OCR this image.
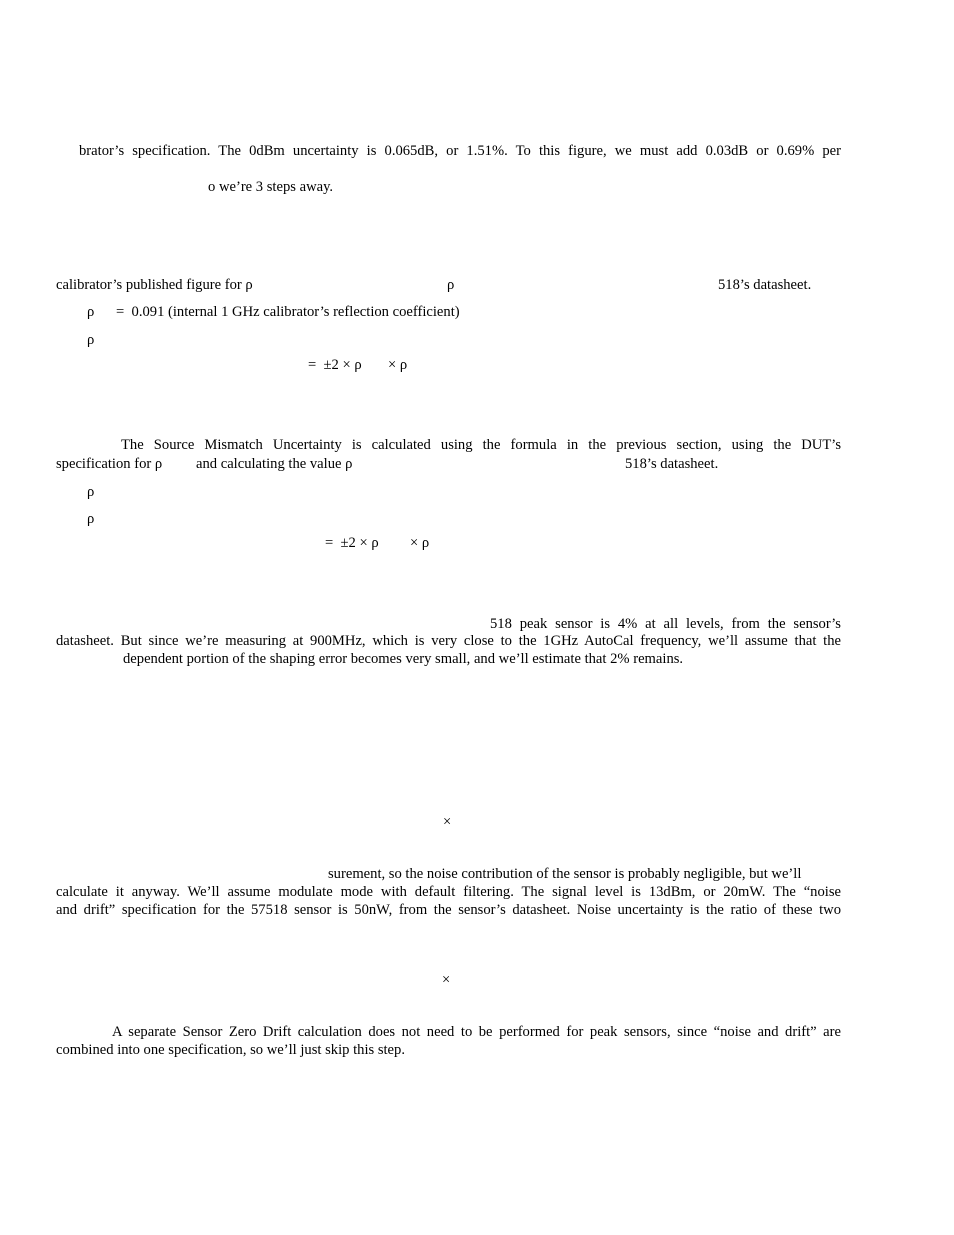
brator’s specification. The 0dBm uncertainty is 0.065dB, or 1.51%. To this figure, we must add 0.03dB or 0.69% per
o we’re 3 steps away.
calibrator’s published figure for ρ	ρ	518’s datasheet.
ρ =  0.091 (internal 1 GHz calibrator’s reflection coefficient)
ρ
=  ±2 × ρ × ρ
The Source Mismatch Uncertainty is calculated using the formula in the previous section, using the DUT’s
specification for ρ and calculating the value ρ	518’s datasheet.
ρ
ρ
=  ±2 × ρ × ρ
518 peak sensor is 4% at all levels, from the sensor’s
datasheet. But since we’re measuring at 900MHz, which is very close to the 1GHz AutoCal frequency, we’ll assume that the
dependent portion of the shaping error becomes very small, and we’ll estimate that 2% remains.
×
surement, so the noise contribution of the sensor is probably negligible, but we’ll
calculate it anyway. We’ll assume modulate mode with default filtering. The signal level is 13dBm, or 20mW. The “noise
and drift” specification for the 57518 sensor is 50nW, from the sensor’s datasheet. Noise uncertainty is the ratio of these two
×
A separate Sensor Zero Drift calculation does not need to be performed for peak sensors, since “noise and drift” are
combined into one specification, so we’ll just skip this step.
